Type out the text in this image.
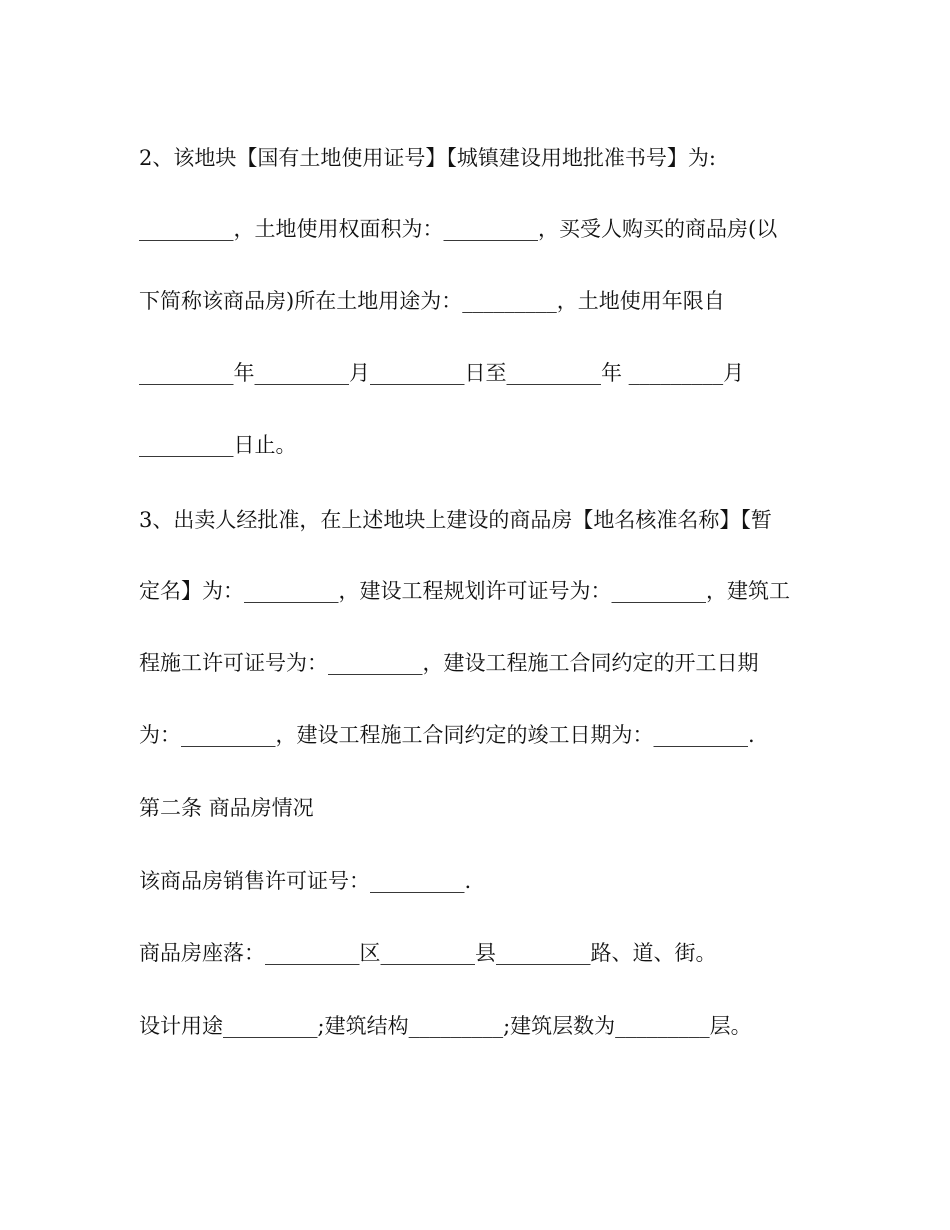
2、该地块【国有土地使用证号】【城镇建设用地批准书号】为:
_________，土地使用权面积为：_________，买受人购买的商品房(以
下简称该商品房)所在土地用途为：_________，土地使用年限自
_________年_________月_________日至_________年 _________月
_________日止。
3、出卖人经批准，在上述地块上建设的商品房【地名核准名称】【暂
定名】为：_________，建设工程规划许可证号为：_________，建筑工
程施工许可证号为：_________，建设工程施工合同约定的开工日期
为：_________，建设工程施工合同约定的竣工日期为：_________.
第二条 商品房情况
该商品房销售许可证号：_________.
商品房座落：_________区_________县_________路、道、街。
设计用途_________;建筑结构_________;建筑层数为_________层。
